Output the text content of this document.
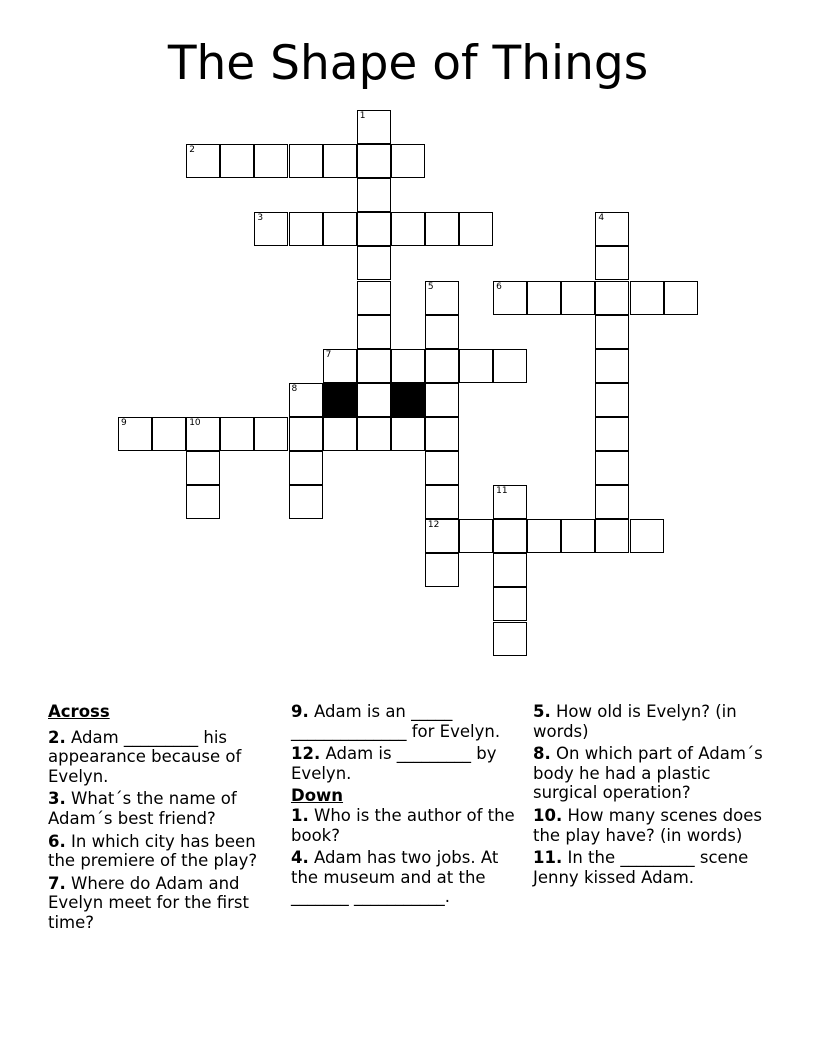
The Shape of Things
2
3
6
7
9	10
12
1
4
5
8
11
Across
2. Adam _________ his appearance because of Evelyn.
3. What´s the name of Adam´s best friend?
6. In which city has been the premiere of the play?
7. Where do Adam and Evelyn meet for the first time?
9. Adam is an _____ ______________ for Evelyn.
12. Adam is _________ by Evelyn.
Down
1. Who is the author of the book?
4. Adam has two jobs. At the museum and at the _______ ___________.
5. How old is Evelyn? (in words)
8. On which part of Adam´s body he had a plastic surgical operation?
10. How many scenes does the play have? (in words)
11. In the _________ scene Jenny kissed Adam.
